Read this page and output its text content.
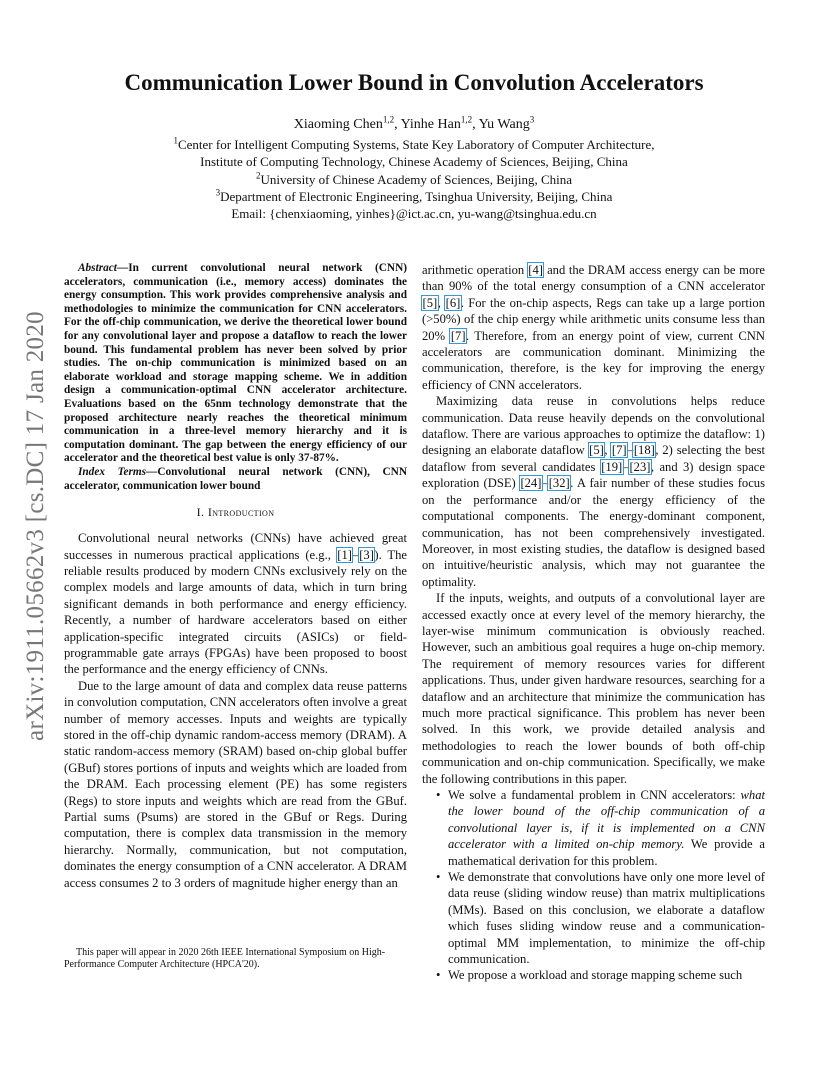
arXiv:1911.05662v3 [cs.DC] 17 Jan 2020
Communication Lower Bound in Convolution Accelerators
Xiaoming Chen$^{1,2}$, Yinhe Han$^{1,2}$, Yu Wang$^3$
$^1$Center for Intelligent Computing Systems, State Key Laboratory of Computer Architecture,
Institute of Computing Technology, Chinese Academy of Sciences, Beijing, China
$^2$University of Chinese Academy of Sciences, Beijing, China
$^3$Department of Electronic Engineering, Tsinghua University, Beijing, China
Email: {chenxiaoming, yinhes}@ict.ac.cn, yu-wang@tsinghua.edu.cn

Abstract—In current convolutional neural network (CNN) accelerators, communication (i.e., memory access) dominates the energy consumption. This work provides comprehensive analysis and methodologies to minimize the communication for CNN accelerators. For the off-chip communication, we derive the theoretical lower bound for any convolutional layer and propose a dataflow to reach the lower bound. This fundamental problem has never been solved by prior studies. The on-chip communication is minimized based on an elaborate workload and storage mapping scheme. We in addition design a communication-optimal CNN accelerator architecture. Evaluations based on the 65nm technology demonstrate that the proposed architecture nearly reaches the theoretical minimum communication in a three-level memory hierarchy and it is computation dominant. The gap between the energy efficiency of our accelerator and the theoretical best value is only 37-87%.

Index Terms—Convolutional neural network (CNN), CNN accelerator, communication lower bound

I. Introduction

Convolutional neural networks (CNNs) have achieved great successes in numerous practical applications (e.g., [1]–[3]). The reliable results produced by modern CNNs exclusively rely on the complex models and large amounts of data, which in turn bring significant demands in both performance and energy efficiency. Recently, a number of hardware accelerators based on either application-specific integrated circuits (ASICs) or field-programmable gate arrays (FPGAs) have been proposed to boost the performance and the energy efficiency of CNNs.

Due to the large amount of data and complex data reuse patterns in convolution computation, CNN accelerators often involve a great number of memory accesses. Inputs and weights are typically stored in the off-chip dynamic random-access memory (DRAM). A static random-access memory (SRAM) based on-chip global buffer (GBuf) stores portions of inputs and weights which are loaded from the DRAM. Each processing element (PE) has some registers (Regs) to store inputs and weights which are read from the GBuf. Partial sums (Psums) are stored in the GBuf or Regs. During computation, there is complex data transmission in the memory hierarchy. Normally, communication, but not computation, dominates the energy consumption of a CNN accelerator. A DRAM access consumes 2 to 3 orders of magnitude higher energy than an

This paper will appear in 2020 26th IEEE International Symposium on High-Performance Computer Architecture (HPCA'20).

arithmetic operation [4] and the DRAM access energy can be more than 90% of the total energy consumption of a CNN accelerator [5], [6]. For the on-chip aspects, Regs can take up a large portion (>50%) of the chip energy while arithmetic units consume less than 20% [7]. Therefore, from an energy point of view, current CNN accelerators are communication dominant. Minimizing the communication, therefore, is the key for improving the energy efficiency of CNN accelerators.

Maximizing data reuse in convolutions helps reduce communication. Data reuse heavily depends on the convolutional dataflow. There are various approaches to optimize the dataflow: 1) designing an elaborate dataflow [5], [7]–[18], 2) selecting the best dataflow from several candidates [19]–[23], and 3) design space exploration (DSE) [24]–[32]. A fair number of these studies focus on the performance and/or the energy efficiency of the computational components. The energy-dominant component, communication, has not been comprehensively investigated. Moreover, in most existing studies, the dataflow is designed based on intuitive/heuristic analysis, which may not guarantee the optimality.

If the inputs, weights, and outputs of a convolutional layer are accessed exactly once at every level of the memory hierarchy, the layer-wise minimum communication is obviously reached. However, such an ambitious goal requires a huge on-chip memory. The requirement of memory resources varies for different applications. Thus, under given hardware resources, searching for a dataflow and an architecture that minimize the communication has much more practical significance. This problem has never been solved. In this work, we provide detailed analysis and methodologies to reach the lower bounds of both off-chip communication and on-chip communication. Specifically, we make the following contributions in this paper.

• We solve a fundamental problem in CNN accelerators: what the lower bound of the off-chip communication of a convolutional layer is, if it is implemented on a CNN accelerator with a limited on-chip memory. We provide a mathematical derivation for this problem.
• We demonstrate that convolutions have only one more level of data reuse (sliding window reuse) than matrix multiplications (MMs). Based on this conclusion, we elaborate a dataflow which fuses sliding window reuse and a communication-optimal MM implementation, to minimize the off-chip communication.
• We propose a workload and storage mapping scheme such
